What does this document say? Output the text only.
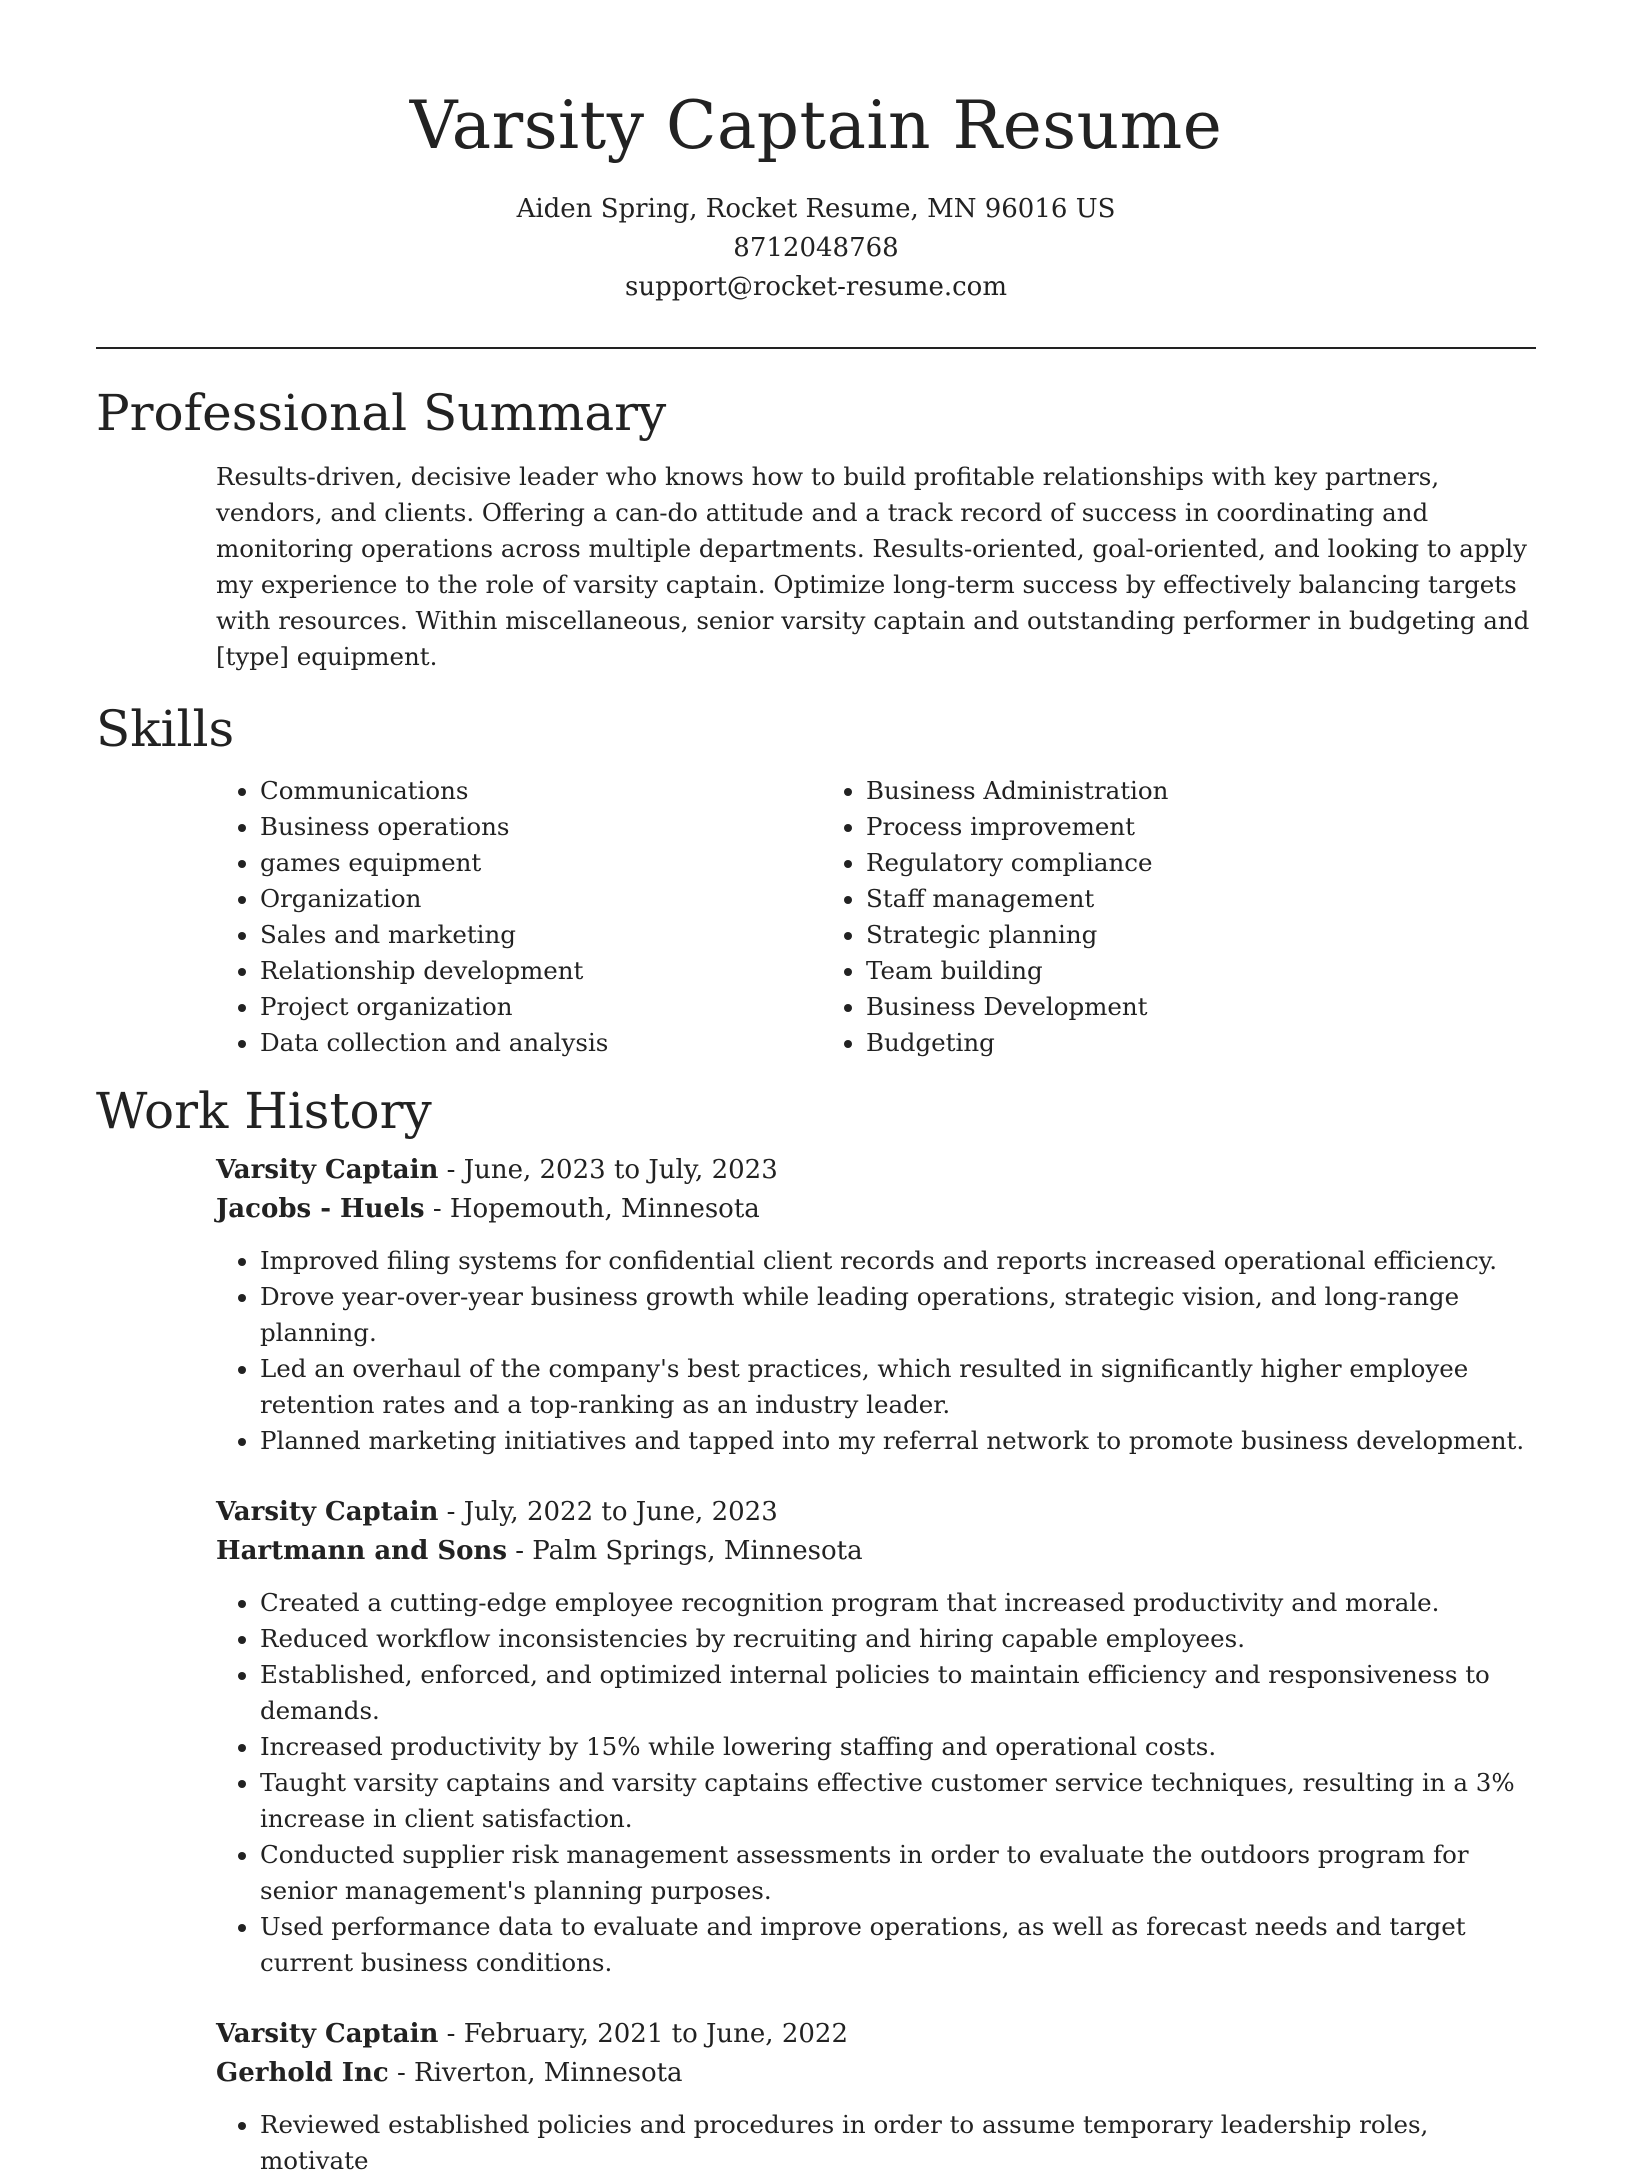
Varsity Captain Resume
Aiden Spring, Rocket Resume, MN 96016 US
8712048768
support@rocket-resume.com
Professional Summary

Results-driven, decisive leader who knows how to build profitable relationships with key partners, vendors, and clients. Offering a can-do attitude and a track record of success in coordinating and monitoring operations across multiple departments. Results-oriented, goal-oriented, and looking to apply my experience to the role of varsity captain. Optimize long-term success by effectively balancing targets with resources. Within miscellaneous, senior varsity captain and outstanding performer in budgeting and [type] equipment.

Skills
• Communications
• Business operations
• games equipment
• Organization
• Sales and marketing
• Relationship development
• Project organization
• Data collection and analysis
• Business Administration
• Process improvement
• Regulatory compliance
• Staff management
• Strategic planning
• Team building
• Business Development
• Budgeting
Work History
Varsity Captain - June, 2023 to July, 2023
Jacobs - Huels - Hopemouth, Minnesota
• Improved filing systems for confidential client records and reports increased operational efficiency.
• Drove year-over-year business growth while leading operations, strategic vision, and long-range planning.
• Led an overhaul of the company's best practices, which resulted in significantly higher employee retention rates and a top-ranking as an industry leader.
• Planned marketing initiatives and tapped into my referral network to promote business development.
Varsity Captain - July, 2022 to June, 2023
Hartmann and Sons - Palm Springs, Minnesota
• Created a cutting-edge employee recognition program that increased productivity and morale.
• Reduced workflow inconsistencies by recruiting and hiring capable employees.
• Established, enforced, and optimized internal policies to maintain efficiency and responsiveness to demands.
• Increased productivity by 15% while lowering staffing and operational costs.
• Taught varsity captains and varsity captains effective customer service techniques, resulting in a 3% increase in client satisfaction.
• Conducted supplier risk management assessments in order to evaluate the outdoors program for senior management's planning purposes.
• Used performance data to evaluate and improve operations, as well as forecast needs and target current business conditions.
Varsity Captain - February, 2021 to June, 2022
Gerhold Inc - Riverton, Minnesota
• Reviewed established policies and procedures in order to assume temporary leadership roles, motivate
